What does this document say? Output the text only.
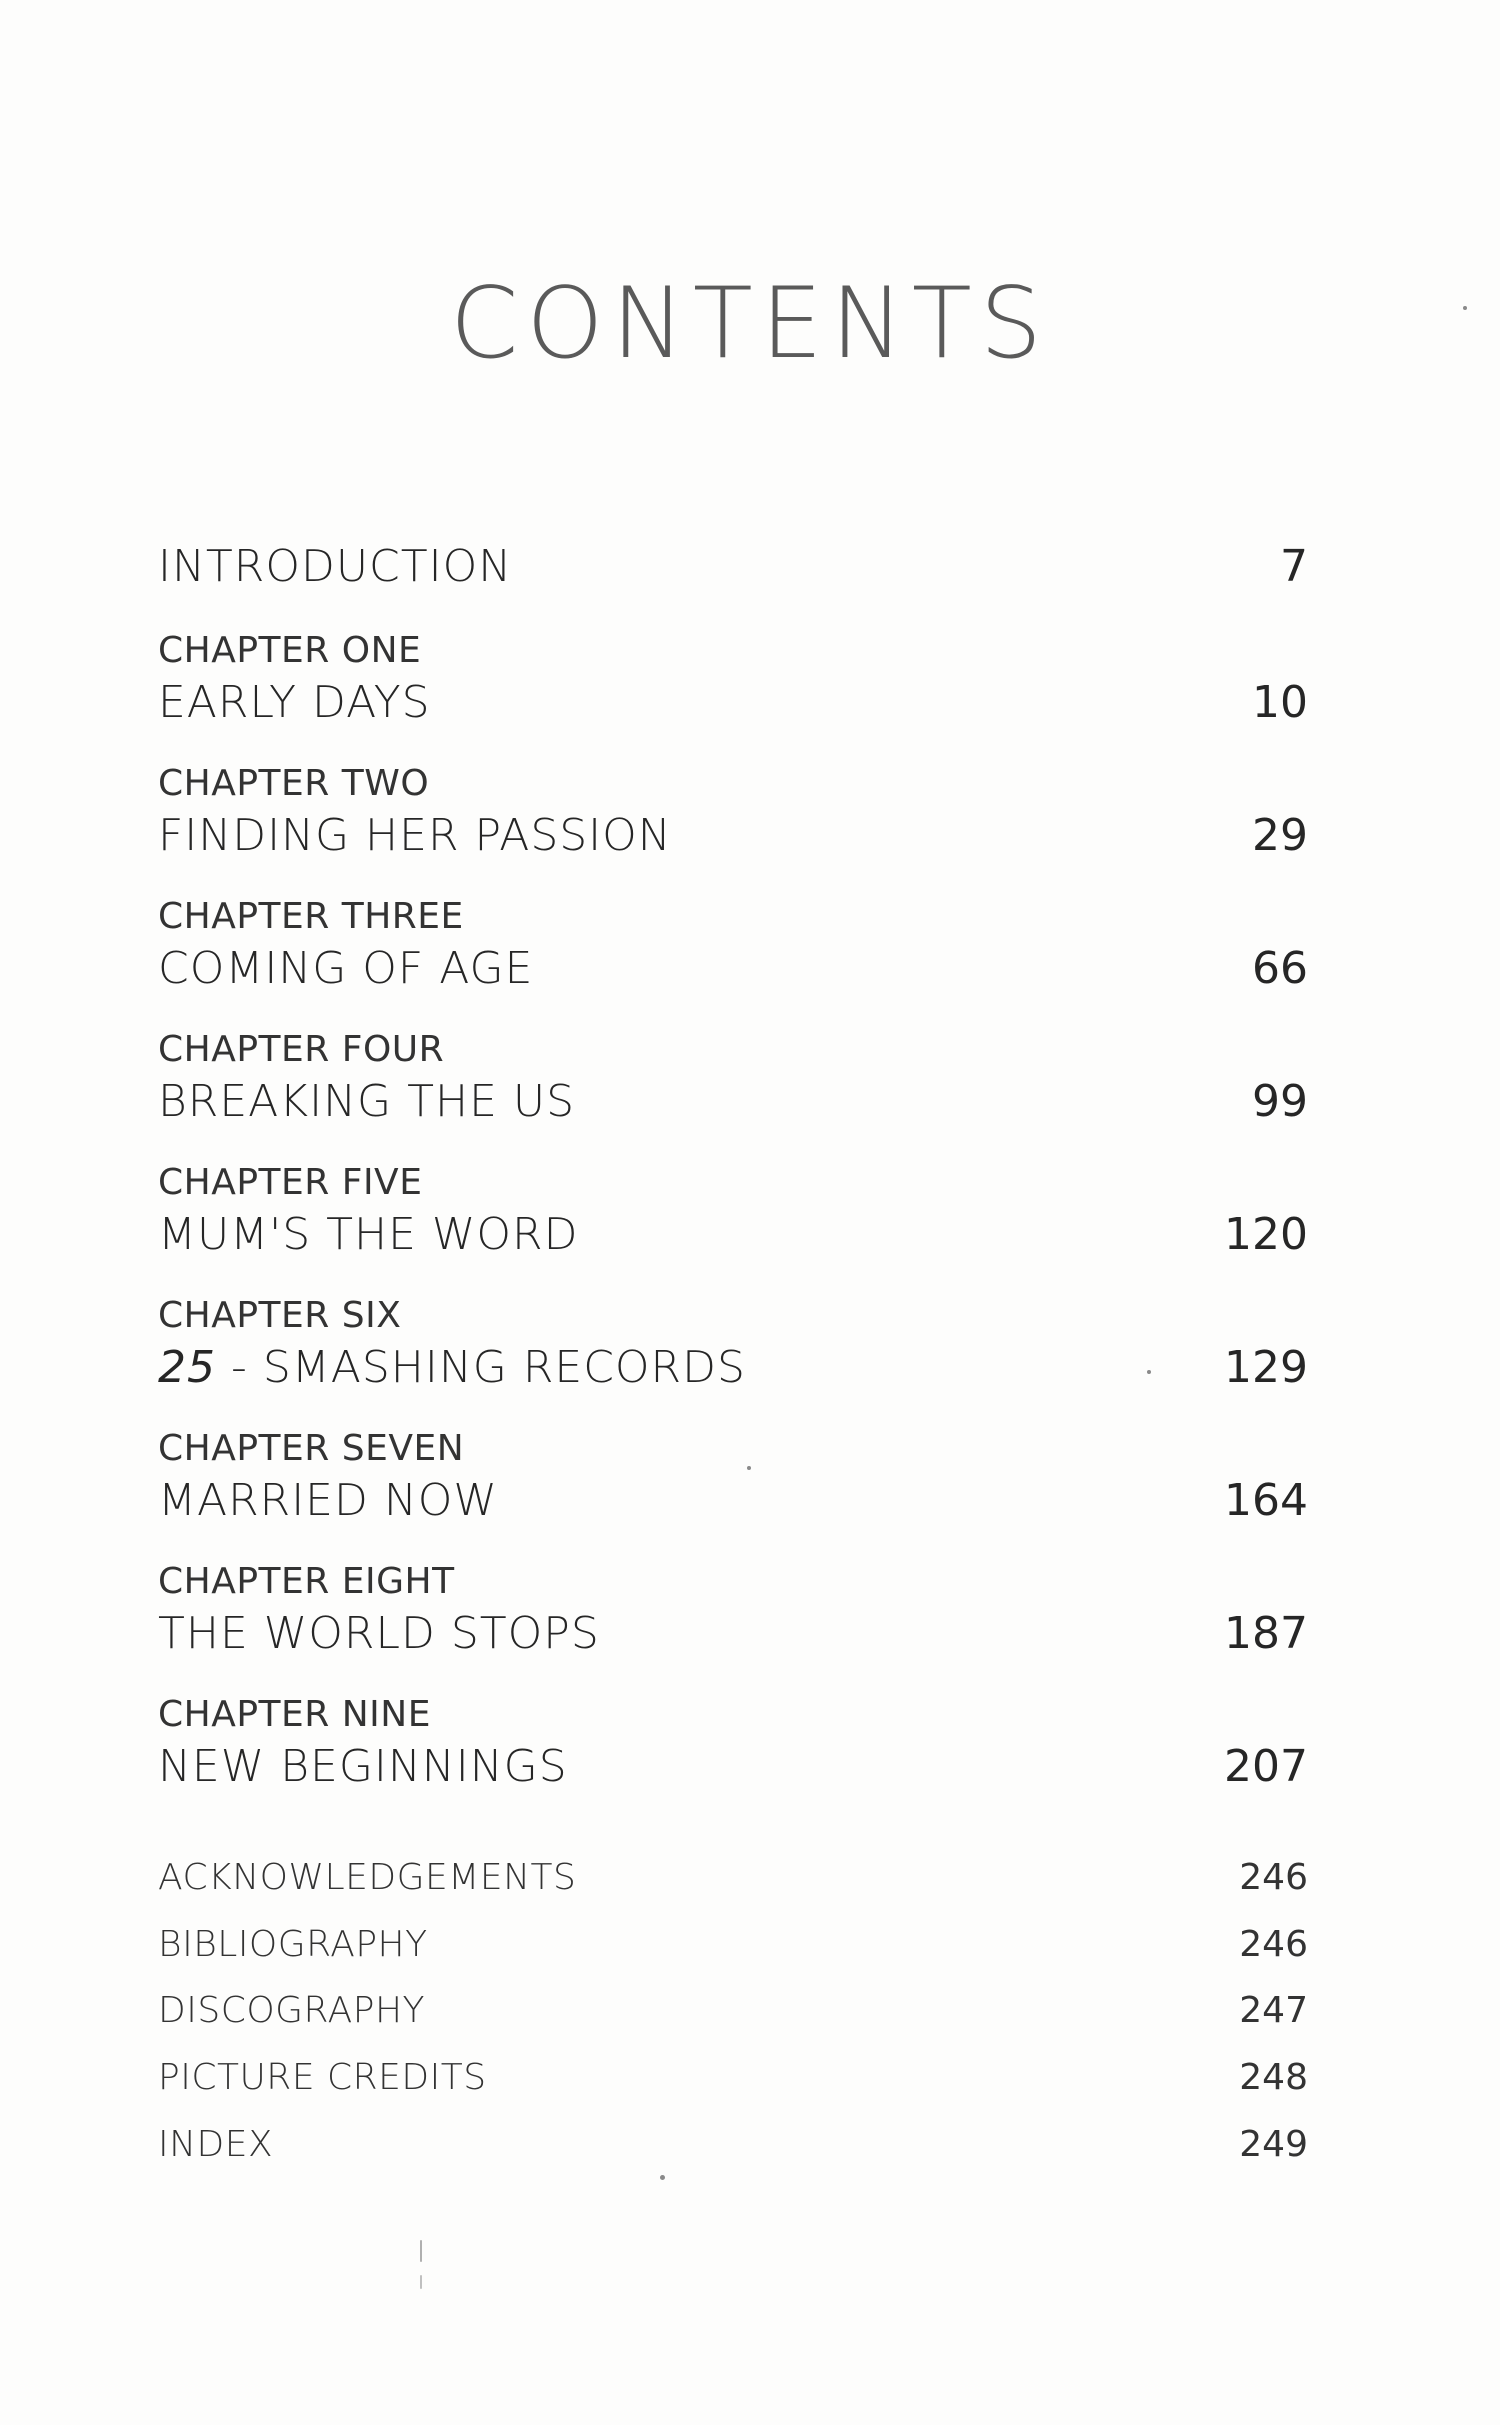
CONTENTS
INTRODUCTION	7
CHAPTER ONE
EARLY DAYS	10
CHAPTER TWO
FINDING HER PASSION	29
CHAPTER THREE
COMING OF AGE	66
CHAPTER FOUR
BREAKING THE US	99
CHAPTER FIVE
MUM'S THE WORD	120
CHAPTER SIX
25 - SMASHING RECORDS	129
CHAPTER SEVEN
MARRIED NOW	164
CHAPTER EIGHT
THE WORLD STOPS	187
CHAPTER NINE
NEW BEGINNINGS	207
ACKNOWLEDGEMENTS	246
BIBLIOGRAPHY	246
DISCOGRAPHY	247
PICTURE CREDITS	248
INDEX	249
